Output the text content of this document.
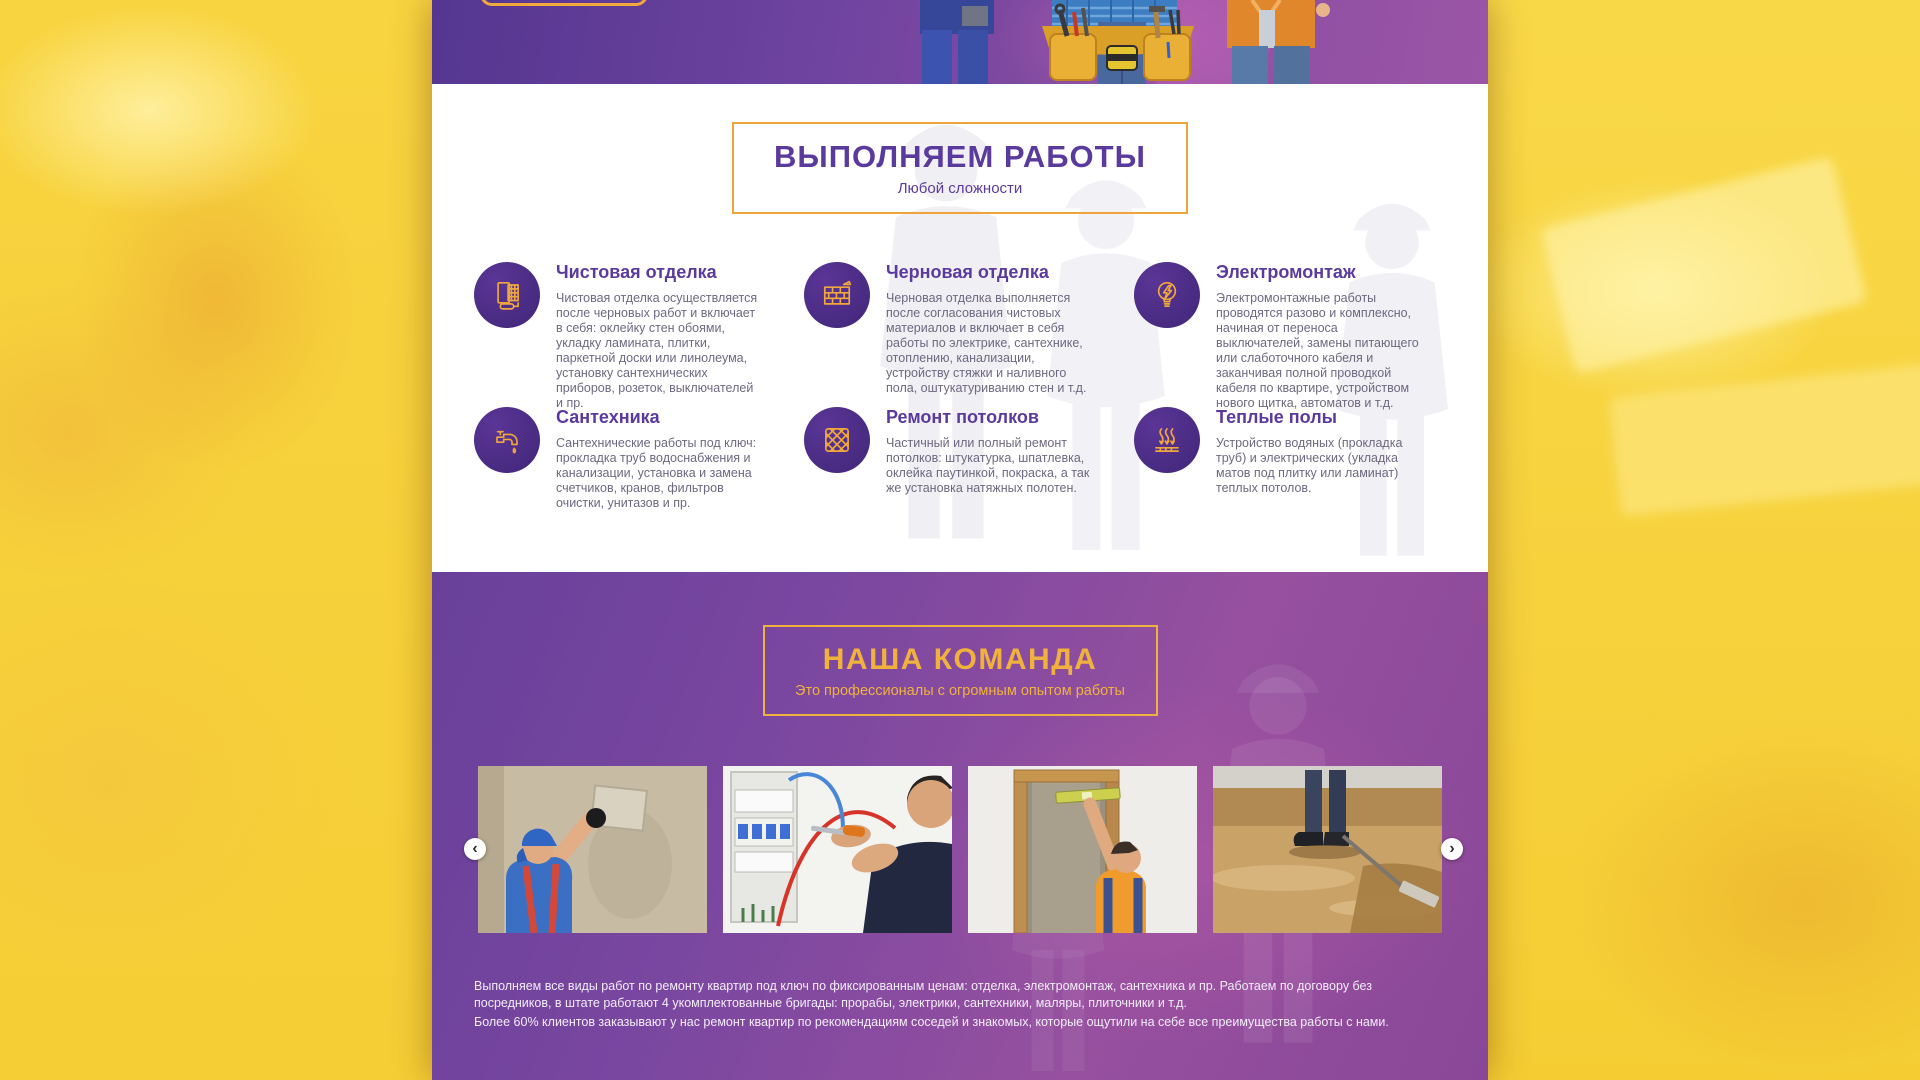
ВЫПОЛНЯЕМ РАБОТЫ
Любой сложности
Чистовая отделка
Чистовая отделка осуществляется после черновых работ и включает в себя: оклейку стен обоями, укладку ламината, плитки, паркетной доски или линолеума, установку сантехнических приборов, розеток, выключателей и пр.
Черновая отделка
Черновая отделка выполняется после согласования чистовых материалов и включает в себя работы по электрике, сантехнике, отоплению, канализации, устройству стяжки и наливного пола, оштукатуриванию стен и т.д.
Электромонтаж
Электромонтажные работы проводятся разово и комплексно, начиная от переноса выключателей, замены питающего или слаботочного кабеля и заканчивая полной проводкой кабеля по квартире, устройством нового щитка, автоматов и т.д.
Сантехника
Сантехнические работы под ключ: прокладка труб водоснабжения и канализации, установка и замена счетчиков, кранов, фильтров очистки, унитазов и пр.
Ремонт потолков
Частичный или полный ремонт потолков: штукатурка, шпатлевка, оклейка паутинкой, покраска, а так же установка натяжных полотен.
Теплые полы
Устройство водяных (прокладка труб) и электрических (укладка матов под плитку или ламинат) теплых потолов.
НАША КОМАНДА
Это профессионалы с огромным опытом работы
‹	›

Выполняем все виды работ по ремонту квартир под ключ по фиксированным ценам: отделка, электромонтаж, сантехника и пр. Работаем по договору без посредников, в штате работают 4 укомплектованные бригады: прорабы, электрики, сантехники, маляры, плиточники и т.д.

Более 60% клиентов заказывают у нас ремонт квартир по рекомендациям соседей и знакомых, которые ощутили на себе все преимущества работы с нами.
